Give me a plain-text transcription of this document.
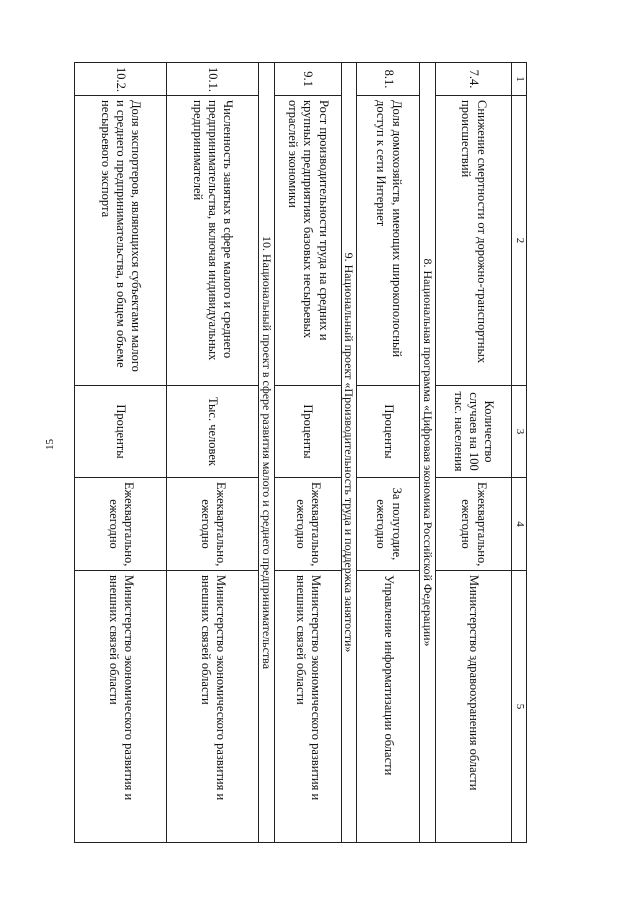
15
1	2	3	4	5
7.4.	Снижение смертности от дорожно-транспортных происшествий	Количество случаев на 100 тыс. населения	Ежеквартально, ежегодно	Министерство здравоохранения области
8. Национальная программа «Цифровая экономика Российской Федерации»				
8.1.	Доля домохозяйств, имеющих широкополосный доступ к сети Интернет	Проценты	За полугодие, ежегодно	Управление информатизации области
9. Национальный проект «Производительность труда и поддержка занятости»				
9.1	Рост производительности труда на средних и крупных предприятиях базовых несырьевых отраслей экономики	Проценты	Ежеквартально, ежегодно	Министерство экономического развития и внешних связей области
10. Национальный проект в сфере развития малого и среднего предпринимательства				
10.1.	Численность занятых в сфере малого и среднего предпринимательства, включая индивидуальных предпринимателей	Тыс. человек	Ежеквартально, ежегодно	Министерство экономического развития и внешних связей области
10.2.	Доля экспортеров, являющихся субъектами малого и среднего предпринимательства, в общем объеме несырьевого экспорта	Проценты	Ежеквартально, ежегодно	Министерство экономического развития и внешних связей области
